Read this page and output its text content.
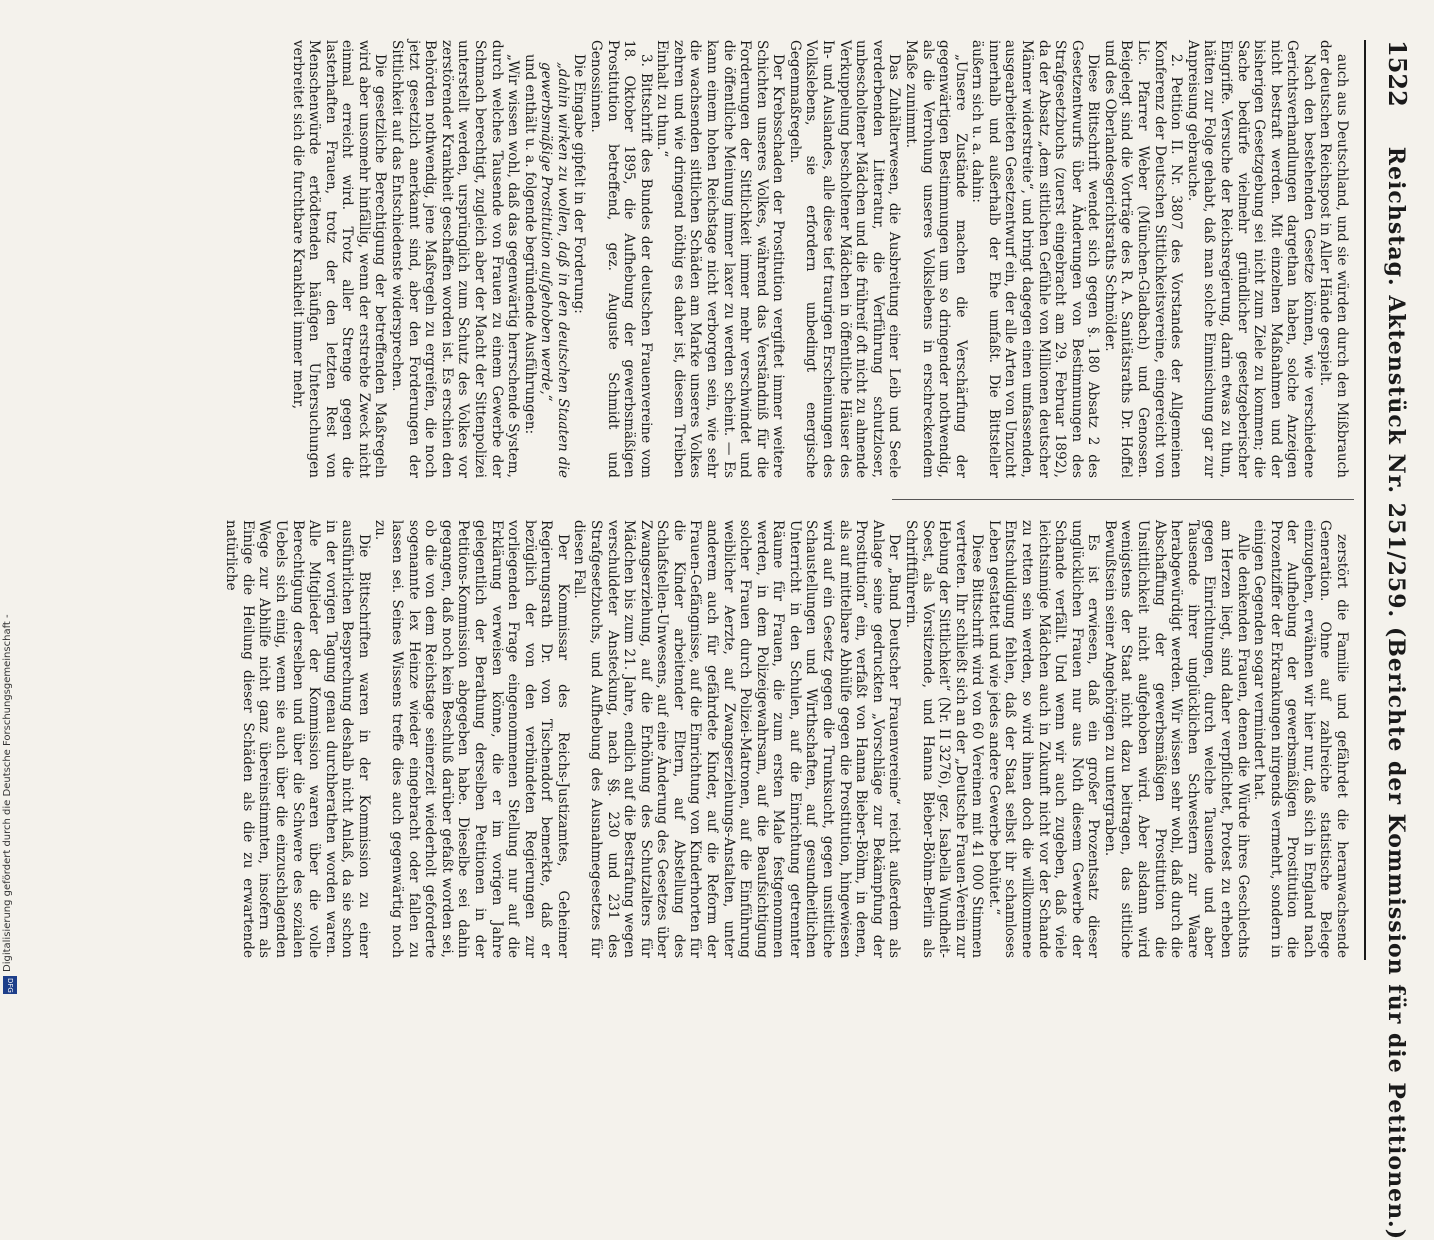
1522
Reichstag. Aktenstück Nr. 251/259. (Berichte der Kommission für die Petitionen.)

auch aus Deutschland, und sie würden durch den Mißbrauch der deutschen Reichspost in Aller Hände gespielt.

Nach den bestehenden Gesetze können, wie verschiedene Gerichtsverhandlungen dargethan haben, solche Anzeigen nicht bestraft werden. Mit einzelnen Maßnahmen und der bisherigen Gesetzgebung sei nicht zum Ziele zu kommen; die Sache bedürfe vielmehr gründlicher gesetzgeberischer Eingriffe. Versuche der Reichsregierung, darin etwas zu thun, hätten zur Folge gehabt, daß man solche Einmischung gar zur Anpreisung gebrauche.

2. Petition II. Nr. 3807 des Vorstandes der Allgemeinen Konferenz der Deutschen Sittlichkeitsvereine, eingereicht von Lic. Pfarrer Weber (München-Gladbach) und Genossen. Beigelegt sind die Vorträge des R. A. Sanitätsraths Dr. Hoffel und des Oberlandesgerichtsraths Schmölder.

Diese Bittschrift wendet sich gegen §. 180 Absatz 2 des Gesetzentwurfs über Änderungen von Bestimmungen des Strafgesetzbuchs (zuerst eingebracht am 29. Februar 1892), da der Absatz „dem sittlichen Gefühle von Millionen deutscher Männer widerstreite“, und bringt dagegen einen umfassenden, ausgearbeiteten Gesetzentwurf ein, der alle Arten von Unzucht innerhalb und außerhalb der Ehe umfaßt. Die Bittsteller äußern sich u. a. dahin:

„Unsere Zustände machen die Verschärfung der gegenwärtigen Bestimmungen um so dringender nothwendig, als die Verrohung unseres Volkslebens in erschreckendem Maße zunimmt.

Das Zuhälterwesen, die Ausbreitung einer Leib und Seele verderbenden Litteratur, die Verführung schutzloser, unbescholtener Mädchen und die frühreif oft nicht zu ahnende Verkuppelung bescholtener Mädchen in öffentliche Häuser des In- und Auslandes, alle diese tief traurigen Erscheinungen des Volkslebens, sie erfordern unbedingt energische Gegenmaßregeln.

Der Krebsschaden der Prostitution vergiftet immer weitere Schichten unseres Volkes, während das Verständniß für die Forderungen der Sittlichkeit immer mehr verschwindet und die öffentliche Meinung immer laxer zu werden scheint. — Es kann einem hohen Reichstage nicht verborgen sein, wie sehr die wachsenden sittlichen Schäden am Marke unseres Volkes zehren und wie dringend nöthig es daher ist, diesem Treiben Einhalt zu thun.“

3. Bittschrift des Bundes der deutschen Frauenvereine vom 18. Oktober 1895, die Aufhebung der gewerbsmäßigen Prostitution betreffend, gez. Auguste Schmidt und Genossinnen.

Die Eingabe gipfelt in der Forderung:

„dahin wirken zu wollen, daß in den deutschen Staaten die gewerbsmäßige Prostitution aufgehoben werde,“

und enthält u. a. folgende begründende Ausführungen:

„Wir wissen wohl, daß das gegenwärtig herrschende System, durch welches Tausende von Frauen zu einem Gewerbe der Schmach berechtigt, zugleich aber der Macht der Sittenpolizei unterstellt werden, ursprünglich zum Schutz des Volkes vor zerstörender Krankheit geschaffen worden ist. Es erschien den Behörden nothwendig, jene Maßregeln zu ergreifen, die noch jetzt gesetzlich anerkannt sind, aber den Forderungen der Sittlichkeit auf das Entschiedenste widersprechen.

Die gesetzliche Berechtigung der betreffenden Maßregeln wird aber unsomehr hinfällig, wenn der erstrebte Zweck nicht einmal erreicht wird. Trotz aller Strenge gegen die lasterhaften Frauen, trotz der den letzten Rest von Menschenwürde ertödtenden häufigen Untersuchungen verbreitet sich die furchtbare Krankheit immer mehr,

zerstört die Familie und gefährdet die heranwachsende Generation. Ohne auf zahlreiche statistische Belege einzugehen, erwähnen wir hier nur, daß sich in England nach der Aufhebung der gewerbsmäßigen Prostitution die Prozentziffer der Erkrankungen nirgends vermehrt, sondern in einigen Gegenden sogar vermindert hat.

Alle denkenden Frauen, denen die Würde ihres Geschlechts am Herzen liegt, sind daher verpflichtet, Protest zu erheben gegen Einrichtungen, durch welche Tausende und aber Tausende ihrer unglücklichen Schwestern zur Waare herabgewürdigt werden. Wir wissen sehr wohl, daß durch die Abschaffung der gewerbsmäßigen Prostitution die Unsittlichkeit nicht aufgehoben wird. Aber alsdann wird wenigstens der Staat nicht dazu beitragen, das sittliche Bewußtsein seiner Angehörigen zu untergraben.

Es ist erwiesen, daß ein großer Prozentsatz dieser unglücklichen Frauen nur aus Noth diesem Gewerbe der Schande verfällt. Und wenn wir auch zugeben, daß viele leichtsinnige Mädchen auch in Zukunft nicht vor der Schande zu retten sein werden, so wird ihnen doch die willkommene Entschuldigung fehlen, daß der Staat selbst ihr schamloses Leben gestattet und wie jedes andere Gewerbe behütet.“

Diese Bittschrift wird von 60 Vereinen mit 41 000 Stimmen vertreten. Ihr schließt sich an der „Deutsche Frauen-Verein zur Hebung der Sittlichkeit“ (Nr. II 3276), gez. Isabella Wundheit-Soest, als Vorsitzende, und Hanna Bieber-Böhm-Berlin als Schriftführerin.

Der „Bund Deutscher Frauenvereine“ reicht außerdem als Anlage seine gedruckten „Vorschläge zur Bekämpfung der Prostitution“ ein, verfaßt von Hanna Bieber-Böhm, in denen, als auf mittelbare Abhülfe gegen die Prostitution, hingewiesen wird auf ein Gesetz gegen die Trunksucht, gegen unsittliche Schaustellungen und Wirthschaften, auf gesundheitlichen Unterricht in den Schulen, auf die Einrichtung getrennter Räume für Frauen, die zum ersten Male festgenommen werden, in dem Polizeigewahrsam, auf die Beaufsichtigung solcher Frauen durch Polizei-Matronen, auf die Einführung weiblicher Aerzte, auf Zwangserziehungs-Anstalten, unter anderem auch für gefährdete Kinder, auf die Reform der Frauen-Gefängnisse, auf die Einrichtung von Kinderhorten für die Kinder arbeitender Eltern, auf Abstellung des Schlafstellen-Unwesens, auf eine Änderung des Gesetzes über Zwangserziehung, auf die Erhöhung des Schutzalters für Mädchen bis zum 21. Jahre, endlich auf die Bestrafung wegen verschuldeter Ansteckung, nach §§. 230 und 231 des Strafgesetzbuchs, und Aufhebung des Ausnahmegesetzes für diesen Fall.

Der Kommissar des Reichs-Justizamtes, Geheimer Regierungsrath Dr. von Tischendorf bemerkte, daß er bezüglich der von den verbündeten Regierungen zur vorliegenden Frage eingenommenen Stellung nur auf die Erklärung verweisen könne, die er im vorigen Jahre gelegentlich der Berathung derselben Petitionen in der Petitions-Kommission abgegeben habe. Dieselbe sei dahin gegangen, daß noch kein Beschluß darüber gefaßt worden sei, ob die von dem Reichstage seinerzeit wiederholt geforderte sogenannte lex Heinze wieder eingebracht oder fallen zu lassen sei. Seines Wissens treffe dies auch gegenwärtig noch zu.

Die Bittschriften waren in der Kommission zu einer ausführlichen Besprechung deshalb nicht Anlaß, da sie schon in der vorigen Tagung genau durchberathen worden waren. Alle Mitglieder der Kommission waren über die volle Berechtigung derselben und über die Schwere des sozialen Uebels sich einig, wenn sie auch über die einzuschlagenden Wege zur Abhilfe nicht ganz übereinstimmten, insofern als Einige die Heilung dieser Schäden als die zu erwartende natürliche

Digitalisierung gefördert durch die Deutsche Forschungsgemeinschaft -
DFG
